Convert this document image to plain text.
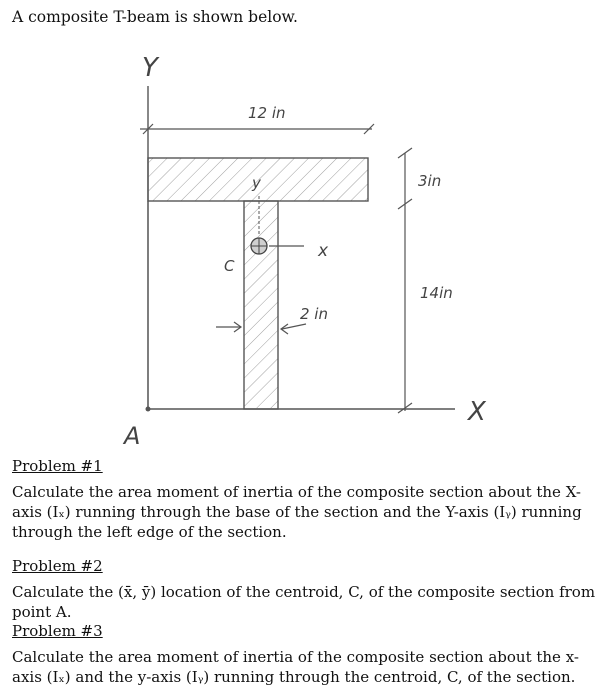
A composite T-beam is shown below.

Y
X
A
12 in
3in
14in
C
y
x
2 in
Problem #1

Calculate the area moment of inertia of the composite section about the X-axis (Iₓ) running through the base of the section and the Y-axis (Iᵧ) running through the left edge of the section.

Problem #2

Calculate the (x̄, ȳ) location of the centroid, C, of the composite section from point A.

Problem #3

Calculate the area moment of inertia of the composite section about the x-axis (Iₓ) and the y-axis (Iᵧ) running through the centroid, C, of the section.
